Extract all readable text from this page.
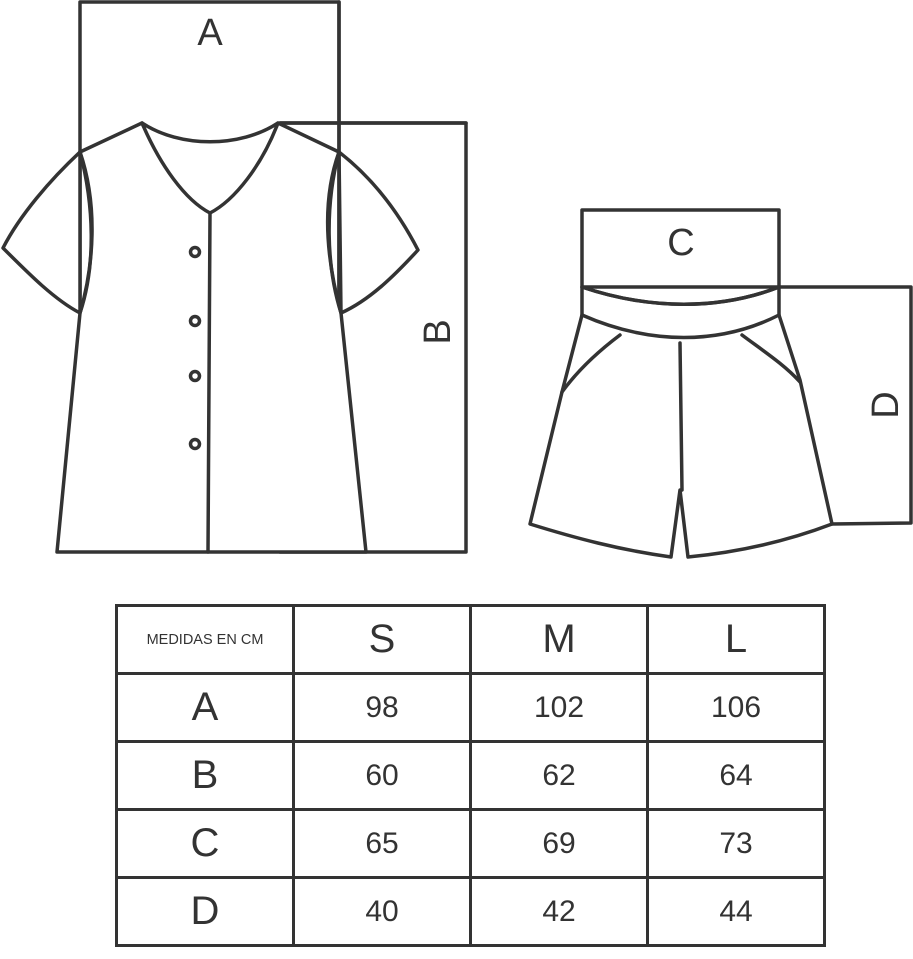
A
B
C
D
MEDIDAS EN CM	S	M	L
A	98	102	106
B	60	62	64
C	65	69	73
D	40	42	44
